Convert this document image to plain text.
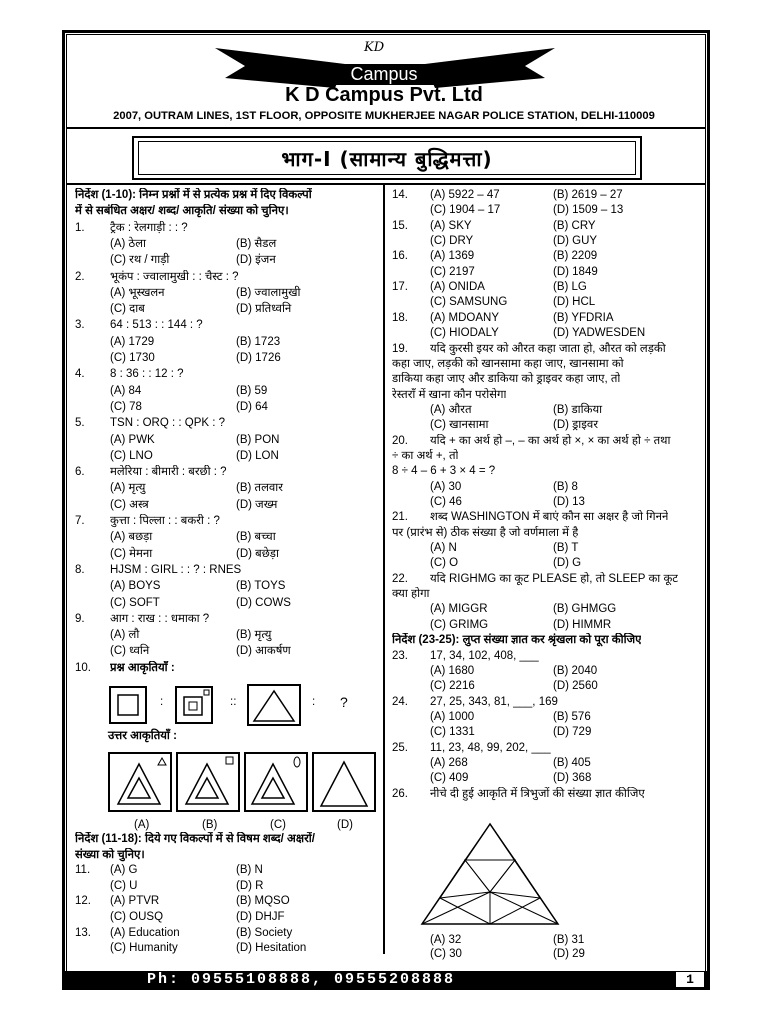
KD
Campus
K D Campus Pvt. Ltd
2007, OUTRAM LINES, 1ST FLOOR, OPPOSITE MUKHERJEE NAGAR POLICE STATION, DELHI-110009
भाग-I (सामान्य बुद्धिमत्ता)
निर्देश (1-10): निम्न प्रश्नों में से प्रत्येक प्रश्न में दिए विकल्पों
में से सबंधित अक्षर/ शब्द/ आकृति/ संख्या को चुनिए।
1. ट्रैक : रेलगाड़ी : : ?
(A) ठेला	(B) सैडल
(C) रथ / गाड़ी	(D) इंजन
2. भूकंप : ज्वालामुखी : : चैस्ट : ?
(A) भूस्खलन	(B) ज्वालामुखी
(C) दाब	(D) प्रतिध्वनि
3. 64 : 513 : : 144 : ?
(A) 1729	(B) 1723
(C) 1730	(D) 1726
4. 8 : 36 : : 12 : ?
(A) 84	(B) 59
(C) 78	(D) 64
5. TSN : ORQ : : QPK : ?
(A) PWK	(B) PON
(C) LNO	(D) LON
6. मलेरिया : बीमारी : बरछी : ?
(A) मृत्यु	(B) तलवार
(C) अस्त्र	(D) जख्म
7. कुत्ता : पिल्ला : : बकरी : ?
(A) बछड़ा	(B) बच्चा
(C) मेमना	(D) बछेड़ा
8. HJSM : GIRL : : ? : RNES
(A) BOYS	(B) TOYS
(C) SOFT	(D) COWS
9. आग : राख : : धमाका ?
(A) लौ	(B) मृत्यु
(C) ध्वनि	(D) आकर्षण
10. प्रश्न आकृतियाँ :
निर्देश (11-18): दिये गए विकल्पों में से विषम शब्द/ अक्षरों/
संख्या को चुनिए।
11. (A) G	(B) N
(C) U	(D) R
12. (A) PTVR	(B) MQSO
(C) OUSQ	(D) DHJF
13. (A) Education	(B) Society
(C) Humanity	(D) Hesitation
14. (A) 5922 – 47	(B) 2619 – 27
(C) 1904 – 17	(D) 1509 – 13
15. (A) SKY	(B) CRY
(C) DRY	(D) GUY
16. (A) 1369	(B) 2209
(C) 2197	(D) 1849
17. (A) ONIDA	(B) LG
(C) SAMSUNG	(D) HCL
18. (A) MDOANY	(B) YFDRIA
(C) HIODALY	(D) YADWESDEN
19. यदि कुरसी इयर को औरत कहा जाता हो, औरत को लड़की
कहा जाए, लड़की को खानसामा कहा जाए, खानसामा को
डाकिया कहा जाए और डाकिया को ड्राइवर कहा जाए, तो
रेस्तराँ में खाना कौन परोसेगा
(A) औरत	(B) डाकिया
(C) खानसामा	(D) ड्राइवर
20. यदि + का अर्थ हो –, – का अर्थ हो ×, × का अर्थ हो ÷ तथा
÷ का अर्थ +, तो
8 ÷ 4 – 6 + 3 × 4 = ?
(A) 30	(B) 8
(C) 46	(D) 13
21. शब्द WASHINGTON में बाएं कौन सा अक्षर है जो गिनने
पर (प्रारंभ से) ठीक संख्या है जो वर्णमाला में है
(A) N	(B) T
(C) O	(D) G
22. यदि RIGHMG का कूट PLEASE हो, तो SLEEP का कूट
क्या होगा
(A) MIGGR	(B) GHMGG
(C) GRIMG	(D) HIMMR
निर्देश (23-25): लुप्त संख्या ज्ञात कर श्रृंखला को पूरा कीजिए
23. 17, 34, 102, 408, ___
(A) 1680	(B) 2040
(C) 2216	(D) 2560
24. 27, 25, 343, 81, ___, 169
(A) 1000	(B) 576
(C) 1331	(D) 729
25. 11, 23, 48, 99, 202, ___
(A) 268	(B) 405
(C) 409	(D) 368
26. नीचे दी हुई आकृति में त्रिभुजों की संख्या ज्ञात कीजिए
(A) 32	(B) 31
(C) 30	(D) 29
:	::	: ?
उत्तर आकृतियाँ :
(A)	(B)	(C)	(D)
Ph: 09555108888, 09555208888	1
